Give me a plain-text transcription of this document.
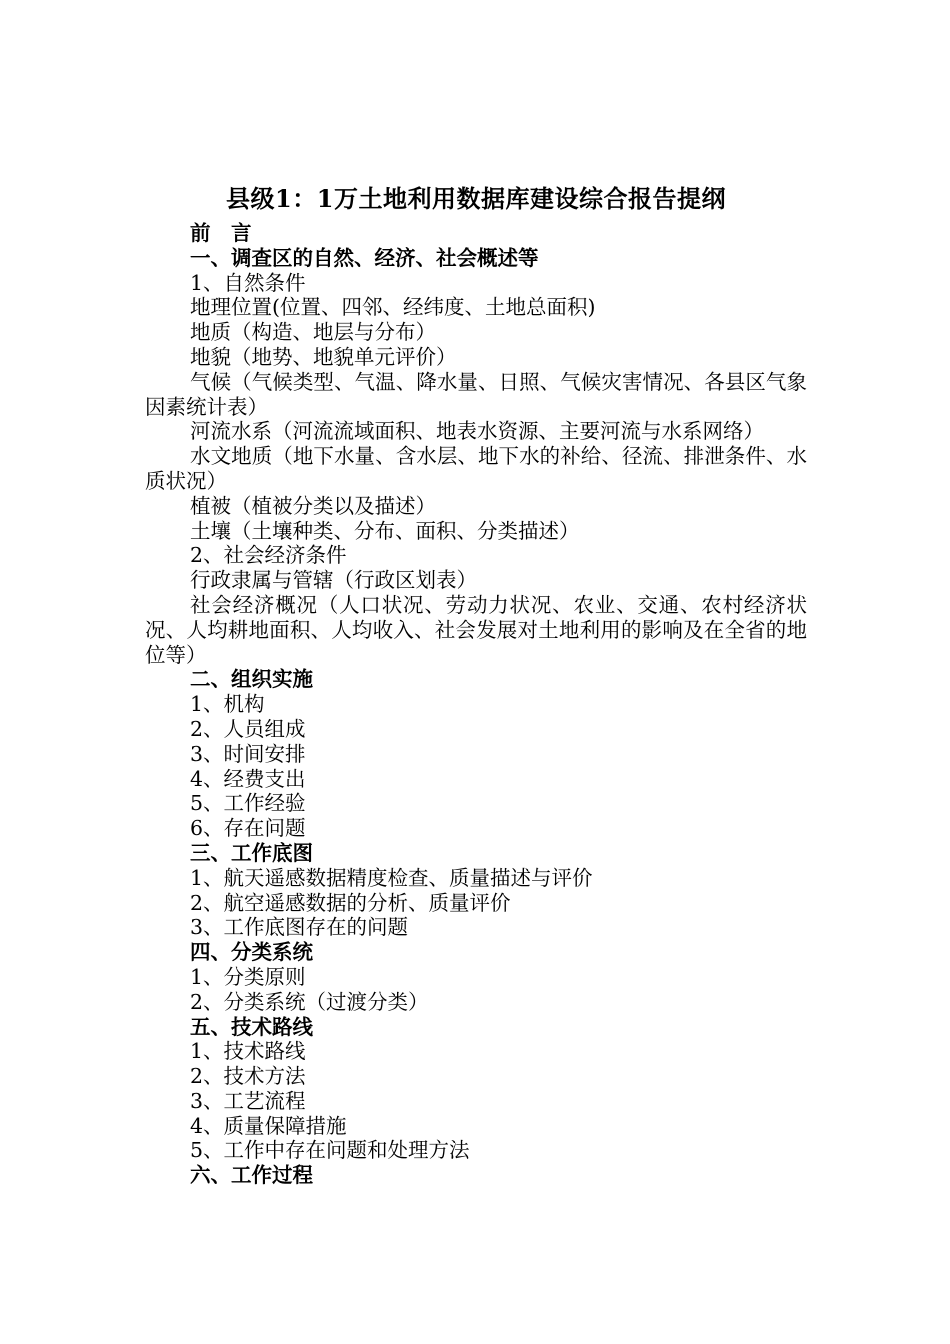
县级1：1万土地利用数据库建设综合报告提纲

前　言

一、调查区的自然、经济、社会概述等

1、自然条件

地理位置(位置、四邻、经纬度、土地总面积)

地质（构造、地层与分布）

地貌（地势、地貌单元评价）

气候（气候类型、气温、降水量、日照、气候灾害情况、各县区气象因素统计表）

河流水系（河流流域面积、地表水资源、主要河流与水系网络）

水文地质（地下水量、含水层、地下水的补给、径流、排泄条件、水质状况）

植被（植被分类以及描述）

土壤（土壤种类、分布、面积、分类描述）

2、社会经济条件

行政隶属与管辖（行政区划表）

社会经济概况（人口状况、劳动力状况、农业、交通、农村经济状况、人均耕地面积、人均收入、社会发展对土地利用的影响及在全省的地位等）

二、组织实施

1、机构

2、人员组成

3、时间安排

4、经费支出

5、工作经验

6、存在问题

三、工作底图

1、航天遥感数据精度检查、质量描述与评价

2、航空遥感数据的分析、质量评价

3、工作底图存在的问题

四、分类系统

1、分类原则

2、分类系统（过渡分类）

五、技术路线

1、技术路线

2、技术方法

3、工艺流程

4、质量保障措施

5、工作中存在问题和处理方法

六、工作过程
